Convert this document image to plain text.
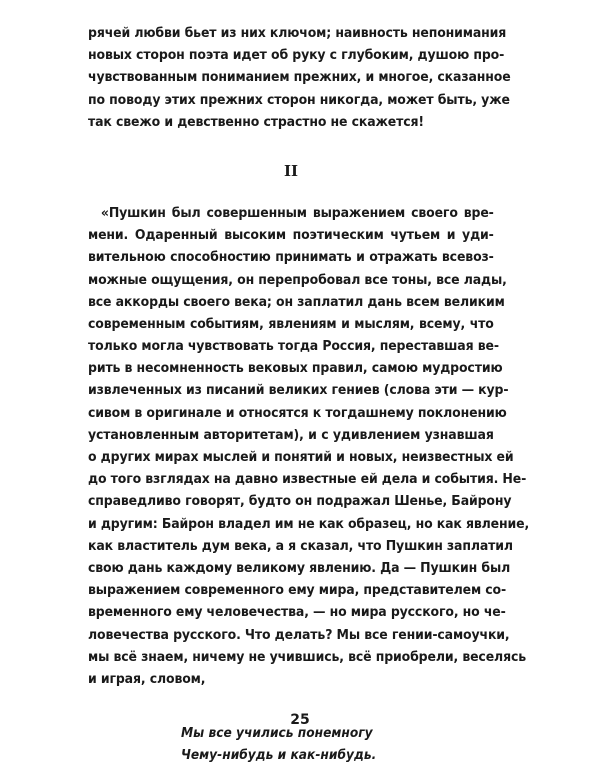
рячей любви бьет из них ключом; наивность непонимания
новых сторон поэта идет об руку с глубоким, душою про-
чувствованным пониманием прежних, и многое, сказанное
по поводу этих прежних сторон никогда, может быть, уже
так свежо и девственно страстно не скажется!
II
«Пушкин был совершенным выражением своего вре-
мени. Одаренный высоким поэтическим чутьем и уди-
вительною способностию принимать и отражать всевоз-
можные ощущения, он перепробовал все тоны, все лады,
все аккорды своего века; он заплатил дань всем великим
современным событиям, явлениям и мыслям, всему, что
только могла чувствовать тогда Россия, переставшая ве-
рить в несомненность вековых правил, самою мудростию
извлеченных из писаний великих гениев (слова эти — кур-
сивом в оригинале и относятся к тогдашнему поклонению
установленным авторитетам), и с удивлением узнавшая
о других мирах мыслей и понятий и новых, неизвестных ей
до того взглядах на давно известные ей дела и события. Не-
справедливо говорят, будто он подражал Шенье, Байрону
и другим: Байрон владел им не как образец, но как явление,
как властитель дум века, а я сказал, что Пушкин заплатил
свою дань каждому великому явлению. Да — Пушкин был
выражением современного ему мира, представителем со-
временного ему человечества, — но мира русского, но че-
ловечества русского. Что делать? Мы все гении-самоучки,
мы всё знаем, ничему не учившись, всё приобрели, веселясь
и играя, словом,
Мы все учились понемногу
Чему-нибудь и как-нибудь.
25
